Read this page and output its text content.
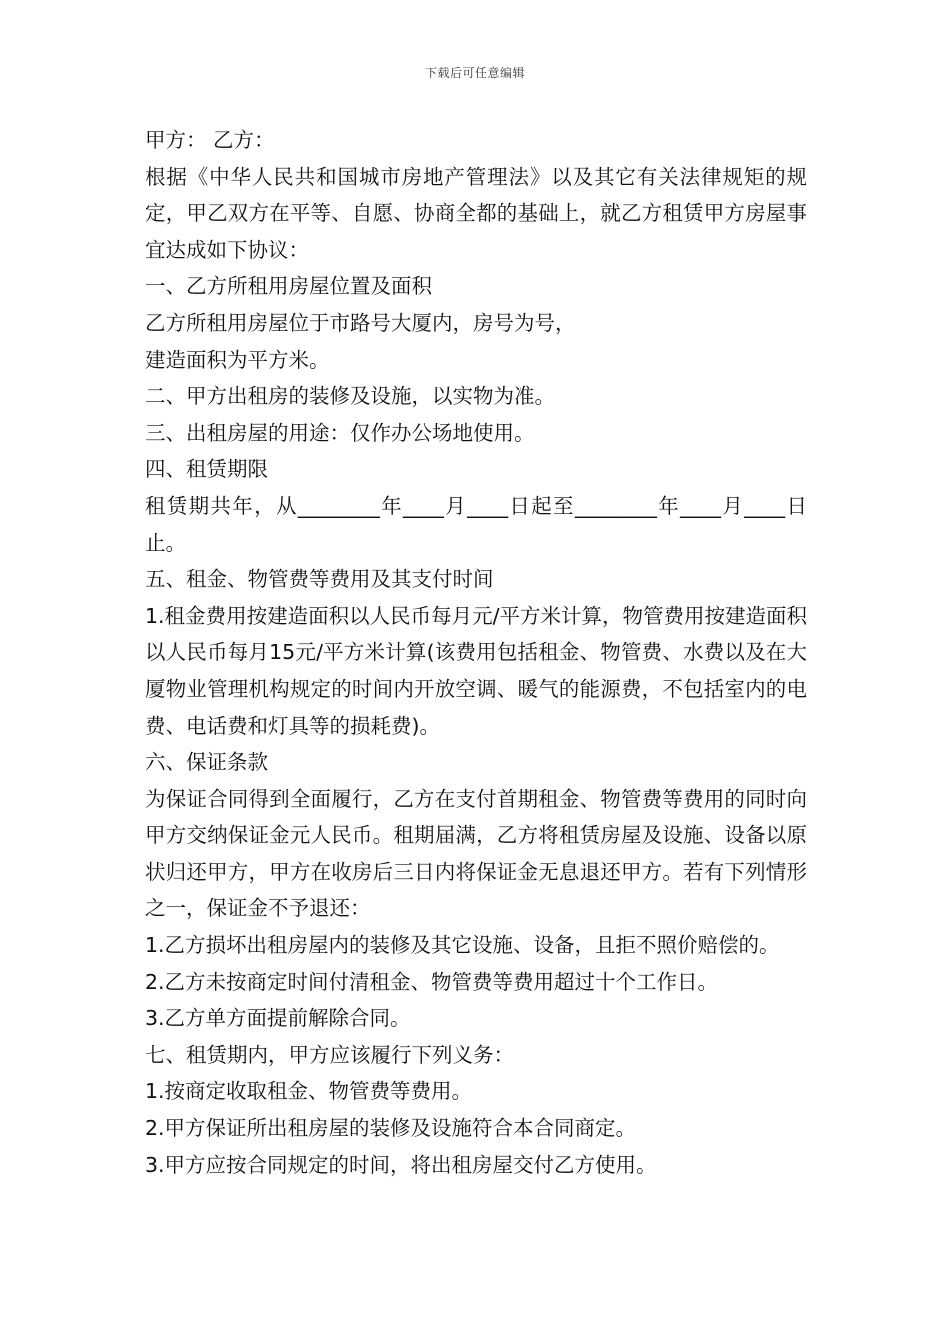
下载后可任意编辑

甲方： 乙方：

根据《中华人民共和国城市房地产管理法》以及其它有关法律规矩的规定，甲乙双方在平等、自愿、协商全都的基础上，就乙方租赁甲方房屋事宜达成如下协议：

一、乙方所租用房屋位置及面积

乙方所租用房屋位于市路号大厦内，房号为号，

建造面积为平方米。

二、甲方出租房的装修及设施，以实物为准。

三、出租房屋的用途：仅作办公场地使用。

四、租赁期限

租赁期共年，从________年____月____日起至________年____月____日止。

五、租金、物管费等费用及其支付时间

1.租金费用按建造面积以人民币每月元/平方米计算，物管费用按建造面积以人民币每月15元/平方米计算(该费用包括租金、物管费、水费以及在大厦物业管理机构规定的时间内开放空调、暖气的能源费，不包括室内的电费、电话费和灯具等的损耗费)。

六、保证条款

为保证合同得到全面履行，乙方在支付首期租金、物管费等费用的同时向甲方交纳保证金元人民币。租期届满，乙方将租赁房屋及设施、设备以原状归还甲方，甲方在收房后三日内将保证金无息退还甲方。若有下列情形之一，保证金不予退还：

1.乙方损坏出租房屋内的装修及其它设施、设备，且拒不照价赔偿的。

2.乙方未按商定时间付清租金、物管费等费用超过十个工作日。

3.乙方单方面提前解除合同。

七、租赁期内，甲方应该履行下列义务：

1.按商定收取租金、物管费等费用。

2.甲方保证所出租房屋的装修及设施符合本合同商定。

3.甲方应按合同规定的时间，将出租房屋交付乙方使用。
